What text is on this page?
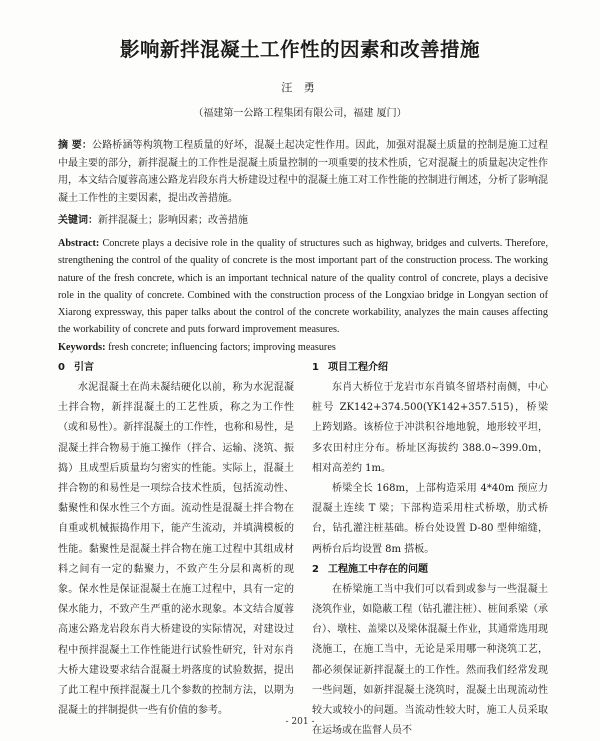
影响新拌混凝土工作性的因素和改善措施

汪 勇

（福建第一公路工程集团有限公司，福建 厦门）

摘 要：公路桥涵等构筑物工程质量的好坏，混凝土起决定性作用。因此，加强对混凝土质量的控制是施工过程中最主要的部分，新拌混凝土的工作性是混凝土质量控制的一项重要的技术性质，它对混凝土的质量起决定性作用，本文结合厦蓉高速公路龙岩段东肖大桥建设过程中的混凝土施工对工作性能的控制进行阐述，分析了影响混凝土工作性的主要因素，提出改善措施。

关键词：新拌混凝土；影响因素；改善措施

Abstract: Concrete plays a decisive role in the quality of structures such as highway, bridges and culverts. Therefore, strengthening the control of the quality of concrete is the most important part of the construction process. The working nature of the fresh concrete, which is an important technical nature of the quality control of concrete, plays a decisive role in the quality of concrete. Combined with the construction process of the Longxiao bridge in Longyan section of Xiarong expressway, this paper talks about the control of the concrete workability, analyzes the main causes affecting the workability of concrete and puts forward improvement measures.

Keywords: fresh concrete; influencing factors; improving measures

0 引言

水泥混凝土在尚未凝结硬化以前，称为水泥混凝土拌合物，新拌混凝土的工艺性质，称之为工作性（或和易性）。新拌混凝土的工作性，也称和易性，是混凝土拌合物易于施工操作（拌合、运输、浇筑、振捣）且成型后质量均匀密实的性能。实际上，混凝土拌合物的和易性是一项综合技术性质，包括流动性、黏聚性和保水性三个方面。流动性是混凝土拌合物在自重或机械振捣作用下，能产生流动，并填满模板的性能。黏聚性是混凝土拌合物在施工过程中其组成材料之间有一定的黏聚力，不致产生分层和离析的现象。保水性是保证混凝土在施工过程中，具有一定的保水能力，不致产生严重的泌水现象。本文结合厦蓉高速公路龙岩段东肖大桥建设的实际情况，对建设过程中预拌混凝土工作性能进行试验性研究，针对东肖大桥大建设要求结合混凝土坍落度的试验数据，提出了此工程中预拌混凝土几个参数的控制方法，以期为混凝土的拌制提供一些有价值的参考。

1 项目工程介绍

东肖大桥位于龙岩市东肖镇冬留塔村南侧，中心桩号 ZK142+374.500(YK142+357.515)，桥梁上跨划路。该桥位于冲洪积谷地地貌，地形较平坦，多农田村庄分布。桥址区海拔约 388.0~399.0m，相对高差约 1m。

桥梁全长 168m，上部构造采用 4*40m 预应力混凝土连续 T 梁；下部构造采用柱式桥墩，肋式桥台，钻孔灌注桩基础。桥台处设置 D-80 型伸缩缝，两桥台后均设置 8m 搭板。

2 工程施工中存在的问题

在桥梁施工当中我们可以看到或参与一些混凝土浇筑作业，如隐蔽工程（钻孔灌注桩）、桩间系梁（承台）、墩柱、盖梁以及梁体混凝土作业，其通常选用现浇施工，在施工当中，无论是采用哪一种浇筑工艺，都必须保证新拌混凝土的工作性。然而我们经常发现一些问题，如新拌混凝土浇筑时，混凝土出现流动性较大或较小的问题。当流动性较大时，施工人员采取在运场或在监督人员不

- 201 -
